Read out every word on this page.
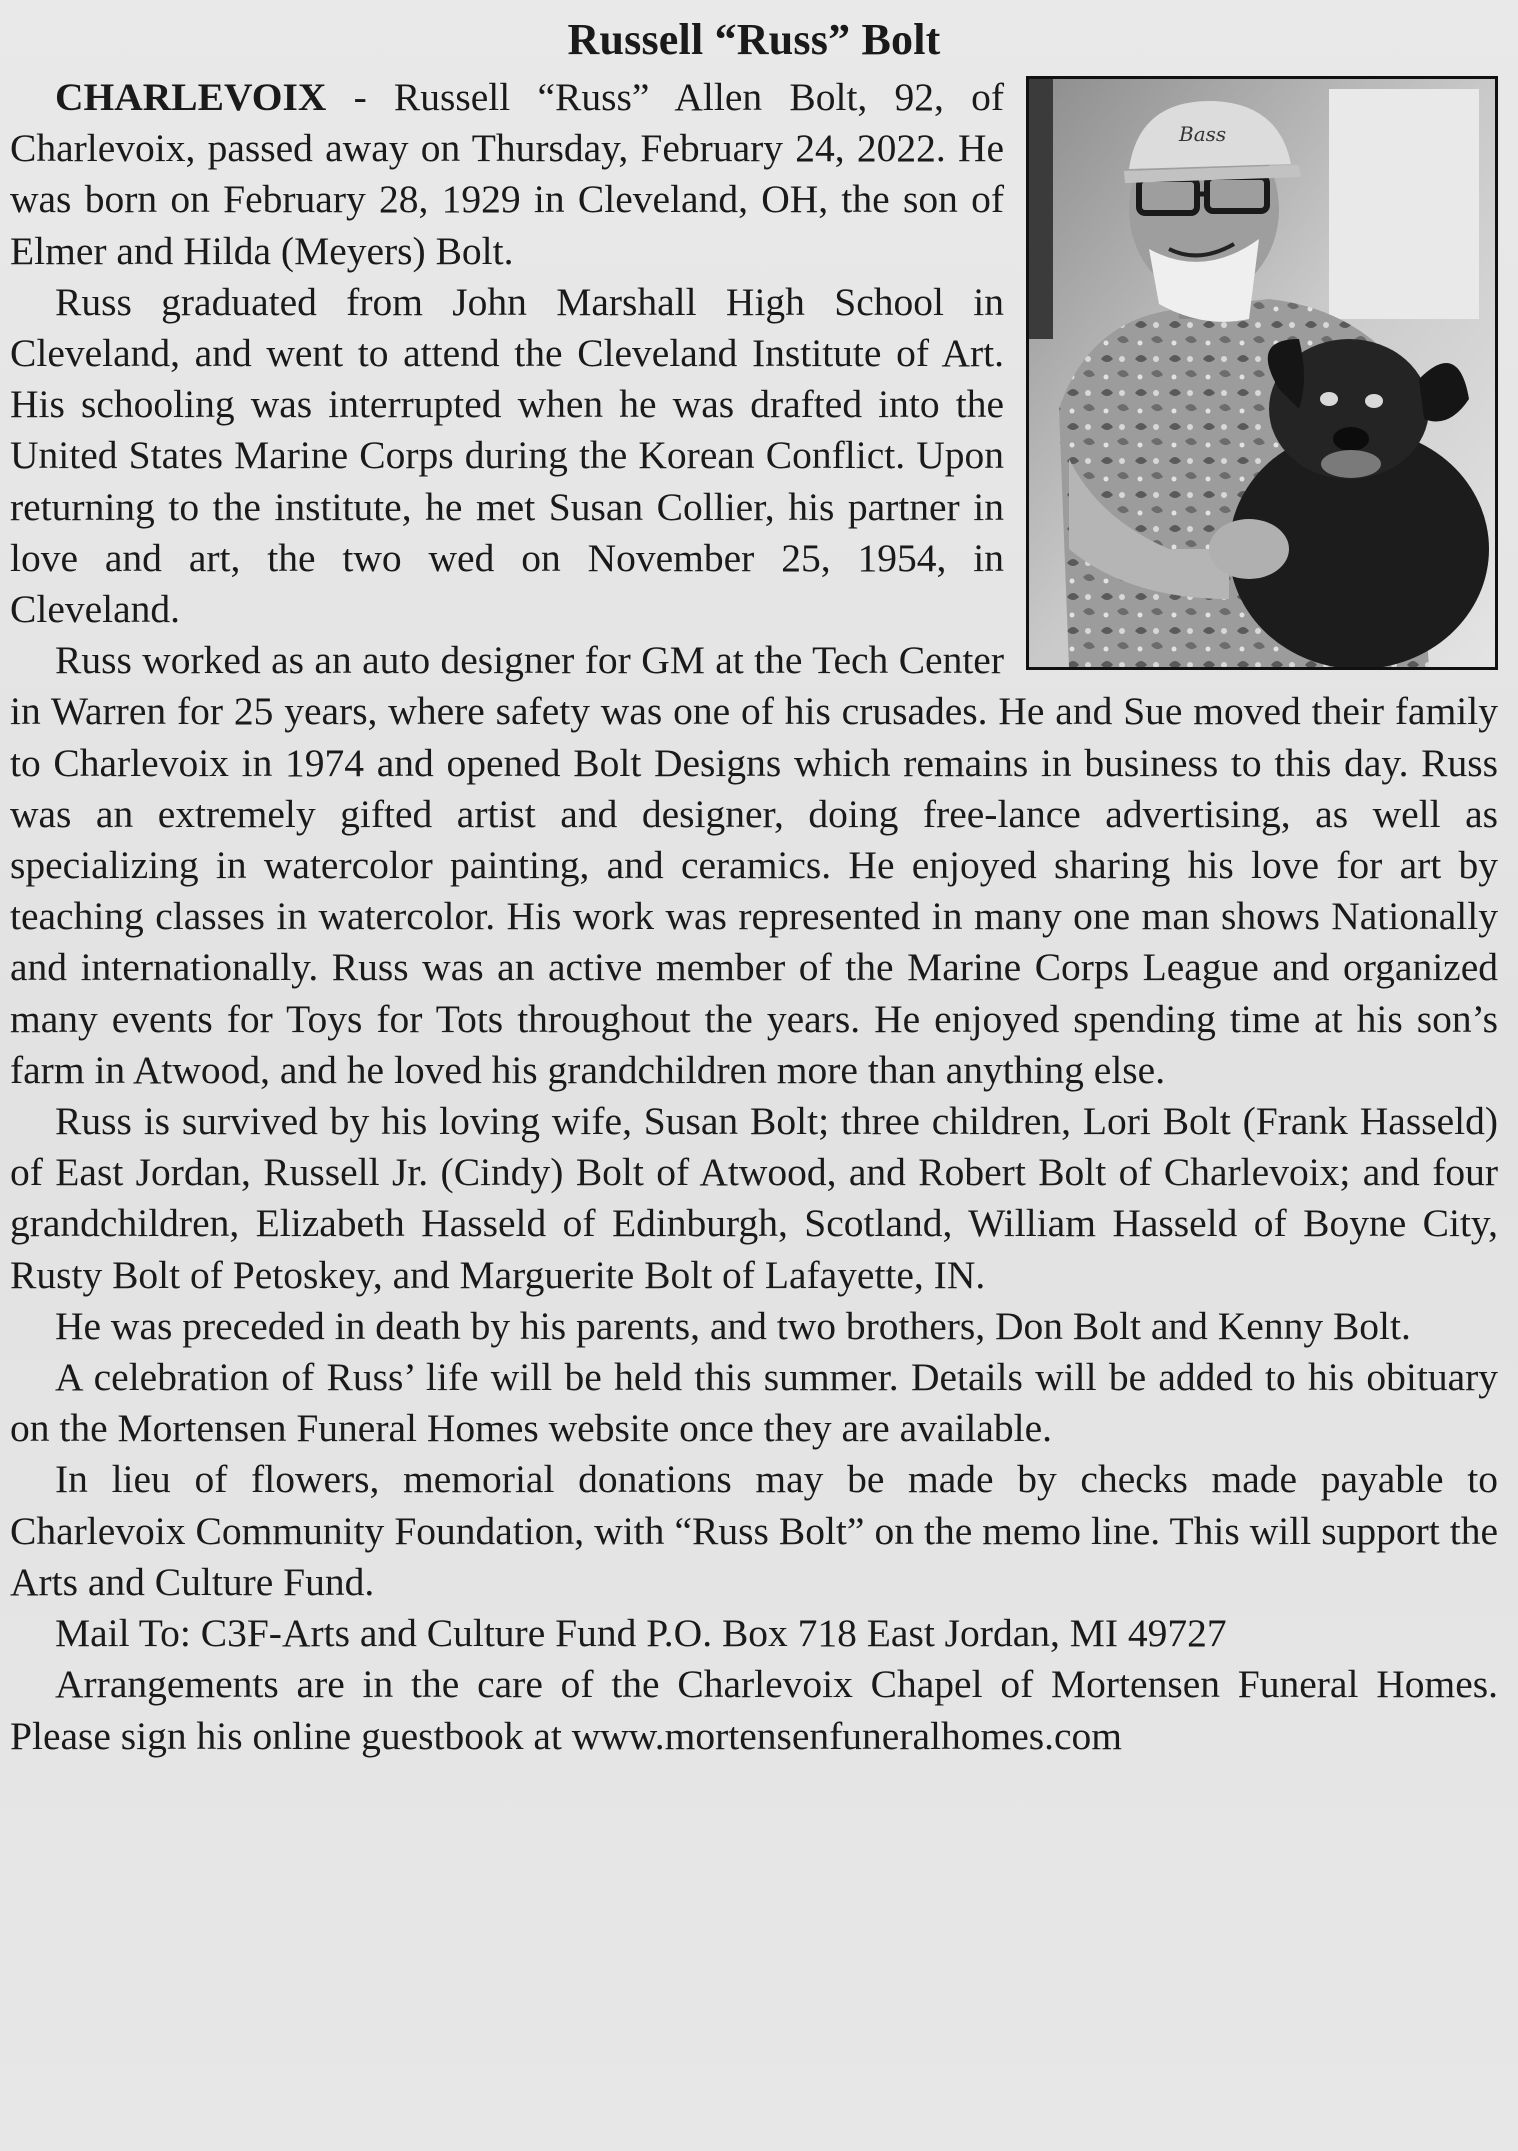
Russell “Russ” Bolt
Bass

CHARLEVOIX - Russell “Russ” Allen Bolt, 92, of Charlevoix, passed away on Thursday, February 24, 2022. He was born on February 28, 1929 in Cleveland, OH, the son of Elmer and Hilda (Meyers) Bolt.

Russ graduated from John Marshall High School in Cleveland, and went to attend the Cleveland Institute of Art. His schooling was interrupted when he was drafted into the United States Marine Corps during the Korean Conflict. Upon returning to the institute, he met Susan Collier, his partner in love and art, the two wed on November 25, 1954, in Cleveland.

Russ worked as an auto designer for GM at the Tech Center in Warren for 25 years, where safety was one of his crusades. He and Sue moved their family to Charlevoix in 1974 and opened Bolt Designs which remains in business to this day. Russ was an extremely gifted artist and designer, doing free-lance advertising, as well as specializing in watercolor painting, and ceramics. He enjoyed sharing his love for art by teaching classes in watercolor. His work was represented in many one man shows Nationally and internationally. Russ was an active member of the Marine Corps League and organized many events for Toys for Tots throughout the years. He enjoyed spending time at his son’s farm in Atwood, and he loved his grandchildren more than anything else.

Russ is survived by his loving wife, Susan Bolt; three children, Lori Bolt (Frank Hasseld) of East Jordan, Russell Jr. (Cindy) Bolt of Atwood, and Robert Bolt of Charlevoix; and four grandchildren, Elizabeth Hasseld of Edinburgh, Scotland, William Hasseld of Boyne City, Rusty Bolt of Petoskey, and Marguerite Bolt of Lafayette, IN.

He was preceded in death by his parents, and two brothers, Don Bolt and Kenny Bolt.

A celebration of Russ’ life will be held this summer. Details will be added to his obituary on the Mortensen Funeral Homes website once they are available.

In lieu of flowers, memorial donations may be made by checks made payable to Charlevoix Community Foundation, with “Russ Bolt” on the memo line. This will support the Arts and Culture Fund.

Mail To: C3F-Arts and Culture Fund P.O. Box 718 East Jordan, MI 49727

Arrangements are in the care of the Charlevoix Chapel of Mortensen Funeral Homes. Please sign his online guestbook at www.mortensenfuneralhomes.com
